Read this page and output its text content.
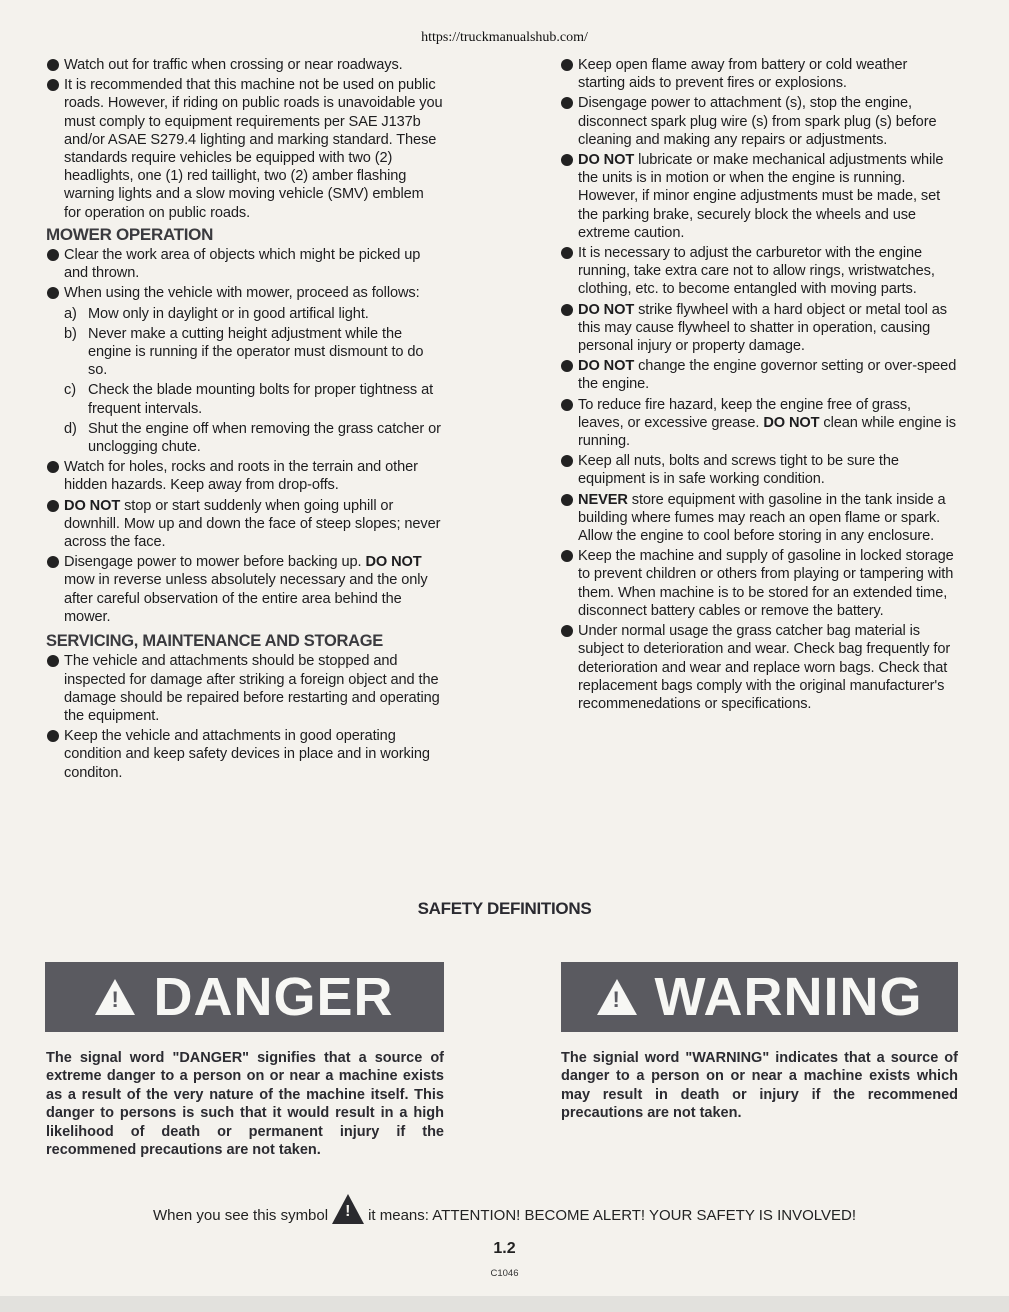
https://truckmanualshub.com/
Watch out for traffic when crossing or near roadways.
It is recommended that this machine not be used on public roads. However, if riding on public roads is unavoidable you must comply to equipment requirements per SAE J137b and/or ASAE S279.4 lighting and marking standard. These standards require vehicles be equipped with two (2) headlights, one (1) red taillight, two (2) amber flashing warning lights and a slow moving vehicle (SMV) emblem for operation on public roads.
MOWER OPERATION
Clear the work area of objects which might be picked up and thrown.
When using the vehicle with mower, proceed as follows:
a) Mow only in daylight or in good artifical light.
b) Never make a cutting height adjustment while the engine is running if the operator must dismount to do so.
c) Check the blade mounting bolts for proper tightness at frequent intervals.
d) Shut the engine off when removing the grass catcher or unclogging chute.
Watch for holes, rocks and roots in the terrain and other hidden hazards. Keep away from drop-offs.
DO NOT stop or start suddenly when going uphill or downhill. Mow up and down the face of steep slopes; never across the face.
Disengage power to mower before backing up. DO NOT mow in reverse unless absolutely necessary and the only after careful observation of the entire area behind the mower.
SERVICING, MAINTENANCE AND STORAGE
The vehicle and attachments should be stopped and inspected for damage after striking a foreign object and the damage should be repaired before restarting and operating the equipment.
Keep the vehicle and attachments in good operating condition and keep safety devices in place and in working conditon.
Keep open flame away from battery or cold weather starting aids to prevent fires or explosions.
Disengage power to attachment (s), stop the engine, disconnect spark plug wire (s) from spark plug (s) before cleaning and making any repairs or adjustments.
DO NOT lubricate or make mechanical adjustments while the units is in motion or when the engine is running. However, if minor engine adjustments must be made, set the parking brake, securely block the wheels and use extreme caution.
It is necessary to adjust the carburetor with the engine running, take extra care not to allow rings, wristwatches, clothing, etc. to become entangled with moving parts.
DO NOT strike flywheel with a hard object or metal tool as this may cause flywheel to shatter in operation, causing personal injury or property damage.
DO NOT change the engine governor setting or over-speed the engine.
To reduce fire hazard, keep the engine free of grass, leaves, or excessive grease. DO NOT clean while engine is running.
Keep all nuts, bolts and screws tight to be sure the equipment is in safe working condition.
NEVER store equipment with gasoline in the tank inside a building where fumes may reach an open flame or spark. Allow the engine to cool before storing in any enclosure.
Keep the machine and supply of gasoline in locked storage to prevent children or others from playing or tampering with them. When machine is to be stored for an extended time, disconnect battery cables or remove the battery.
Under normal usage the grass catcher bag material is subject to deterioration and wear. Check bag frequently for deterioration and wear and replace worn bags. Check that replacement bags comply with the original manufacturer's recommenedations or specifications.
SAFETY DEFINITIONS
! DANGER	! WARNING
The signal word "DANGER" signifies that a source of extreme danger to a person on or near a machine exists as a result of the very nature of the machine itself. This danger to persons is such that it would result in a high likelihood of death or permanent injury if the recommened precautions are not taken.
The signial word "WARNING" indicates that a source of danger to a person on or near a machine exists which may result in death or injury if the recommened precautions are not taken.
When you see this symbol ! it means: ATTENTION! BECOME ALERT! YOUR SAFETY IS INVOLVED!
1.2
C1046
